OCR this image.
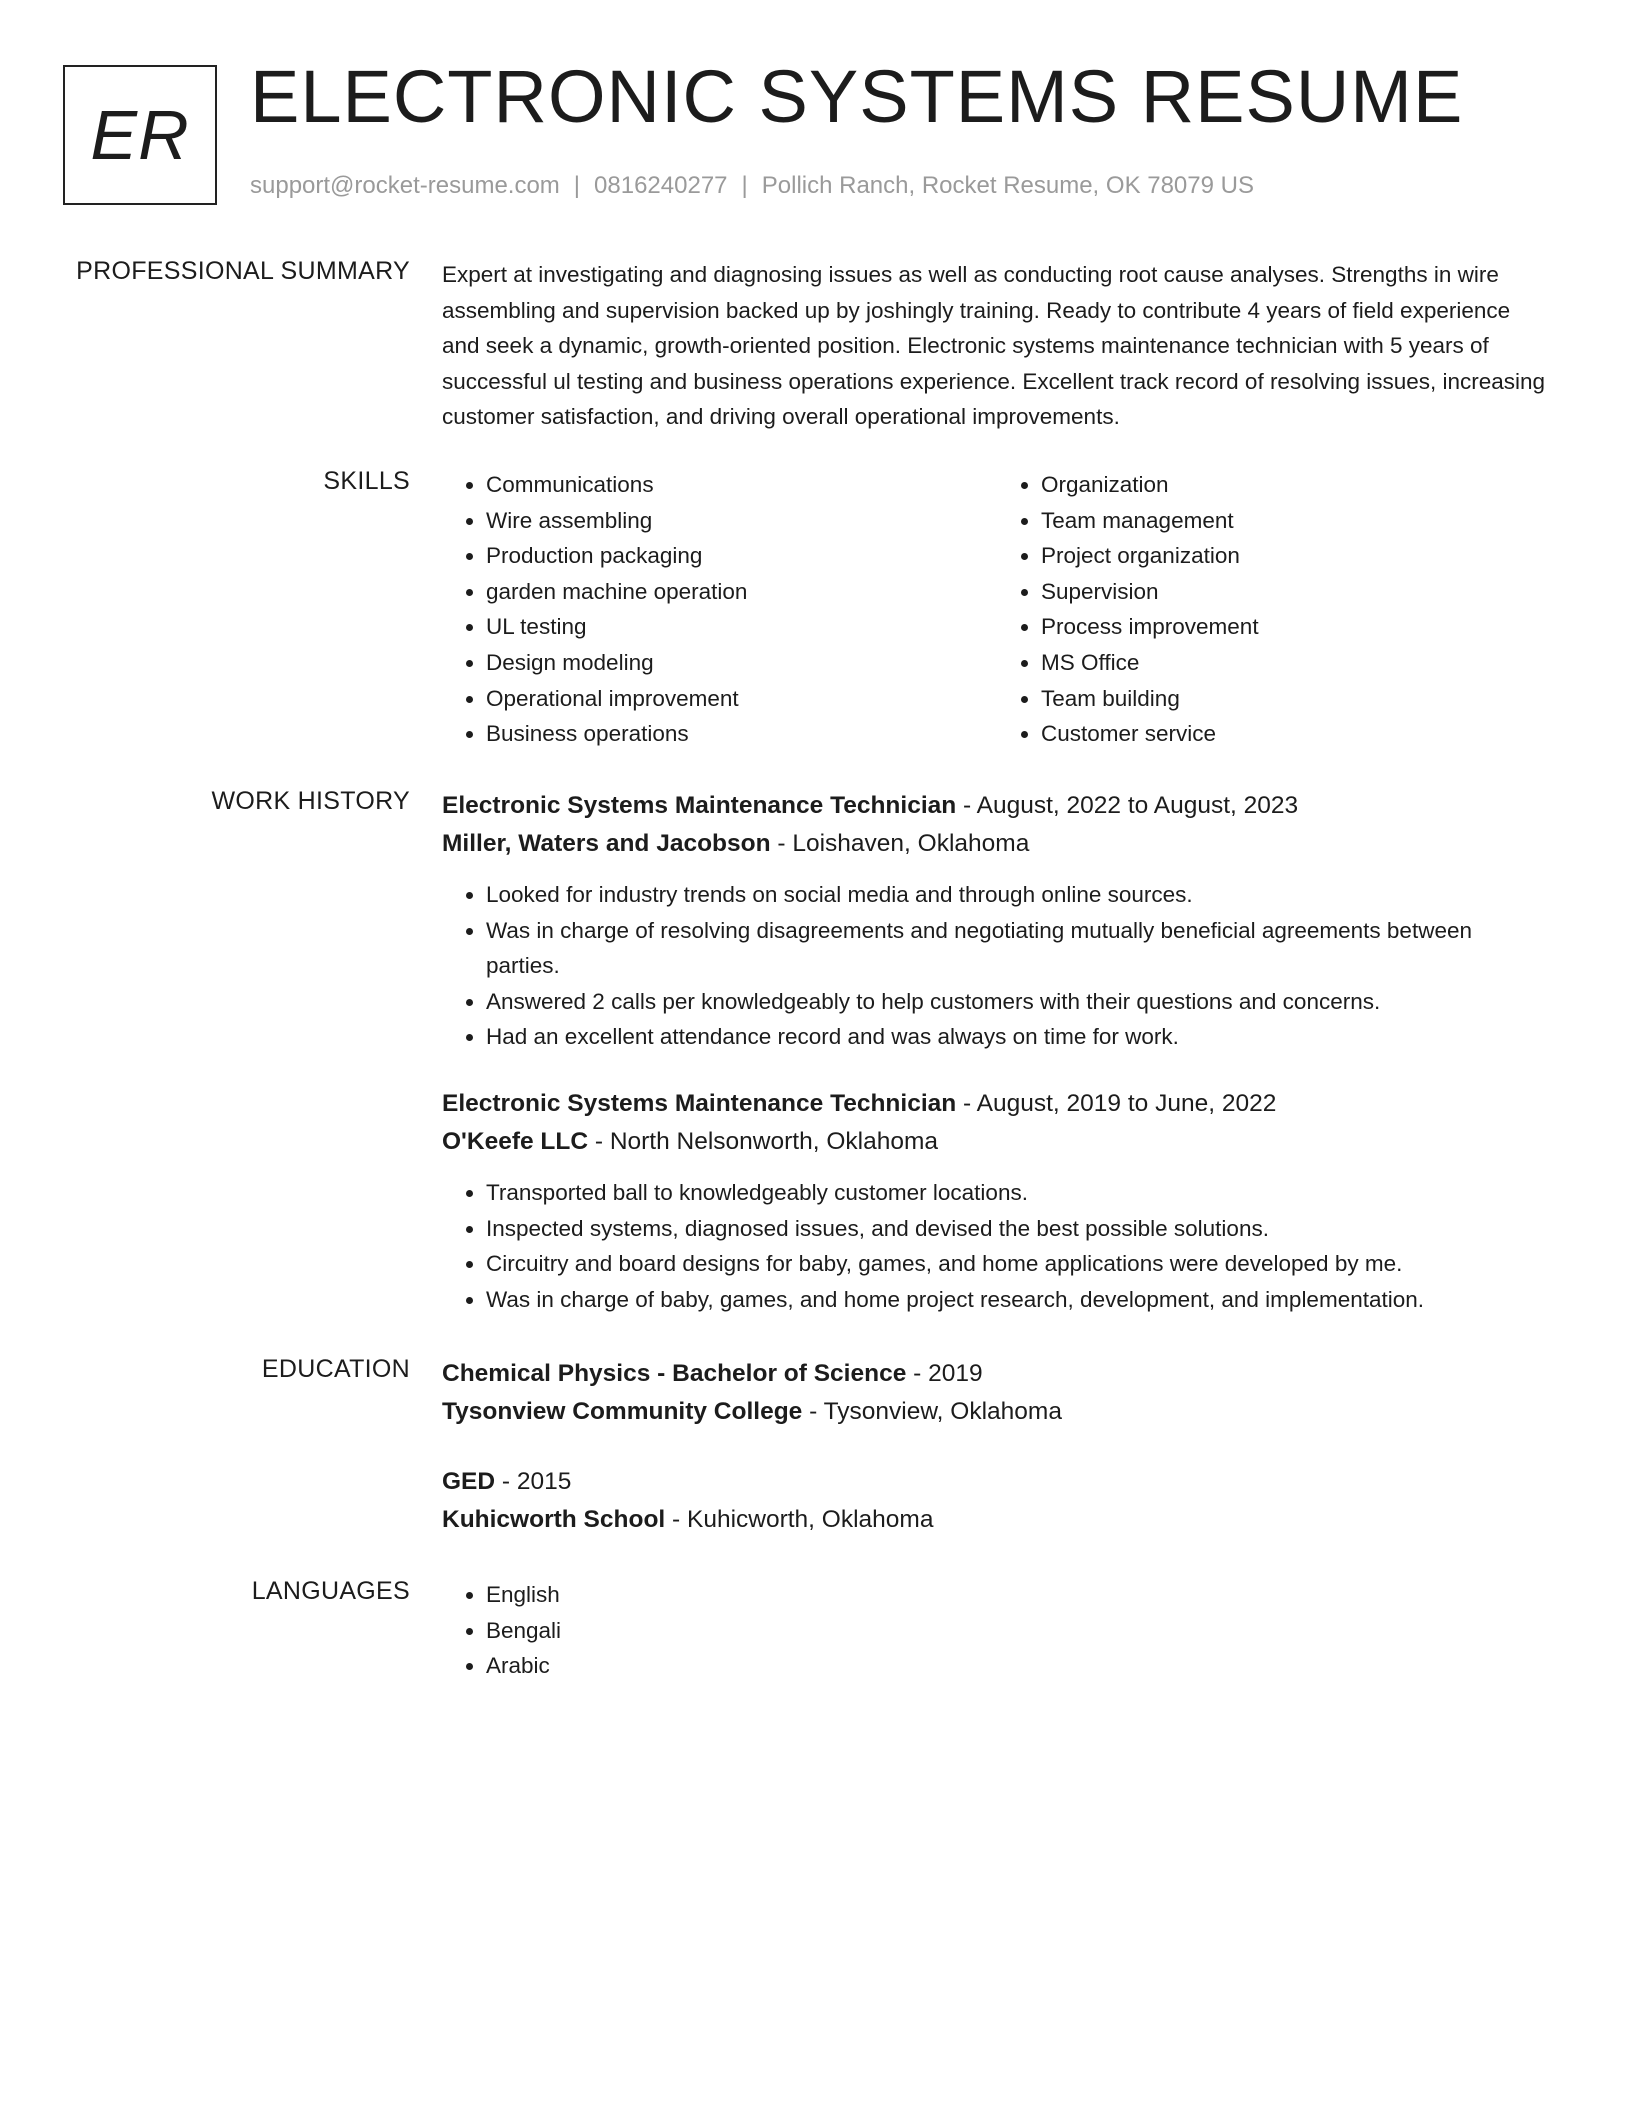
ER ELECTRONIC SYSTEMS RESUME
support@rocket-resume.com | 0816240277 | Pollich Ranch, Rocket Resume, OK 78079 US
PROFESSIONAL SUMMARY Expert at investigating and diagnosing issues as well as conducting root cause analyses. Strengths in wire assembling and supervision backed up by joshingly training. Ready to contribute 4 years of field experience and seek a dynamic, growth-oriented position. Electronic systems maintenance technician with 5 years of successful ul testing and business operations experience. Excellent track record of resolving issues, increasing customer satisfaction, and driving overall operational improvements.
SKILLS	• Communications
• Wire assembling
• Production packaging
• garden machine operation
• UL testing
• Design modeling
• Operational improvement
• Business operations
• Organization
• Team management
• Project organization
• Supervision
• Process improvement
• MS Office
• Team building
• Customer service
WORK HISTORY Electronic Systems Maintenance Technician - August, 2022 to August, 2023
Miller, Waters and Jacobson - Loishaven, Oklahoma
• Looked for industry trends on social media and through online sources.
• Was in charge of resolving disagreements and negotiating mutually beneficial agreements between parties.
• Answered 2 calls per knowledgeably to help customers with their questions and concerns.
• Had an excellent attendance record and was always on time for work.
Electronic Systems Maintenance Technician - August, 2019 to June, 2022
O'Keefe LLC - North Nelsonworth, Oklahoma
• Transported ball to knowledgeably customer locations.
• Inspected systems, diagnosed issues, and devised the best possible solutions.
• Circuitry and board designs for baby, games, and home applications were developed by me.
• Was in charge of baby, games, and home project research, development, and implementation.
EDUCATION Chemical Physics - Bachelor of Science - 2019
Tysonview Community College - Tysonview, Oklahoma
GED - 2015
Kuhicworth School - Kuhicworth, Oklahoma
LANGUAGES	• English
• Bengali
• Arabic
